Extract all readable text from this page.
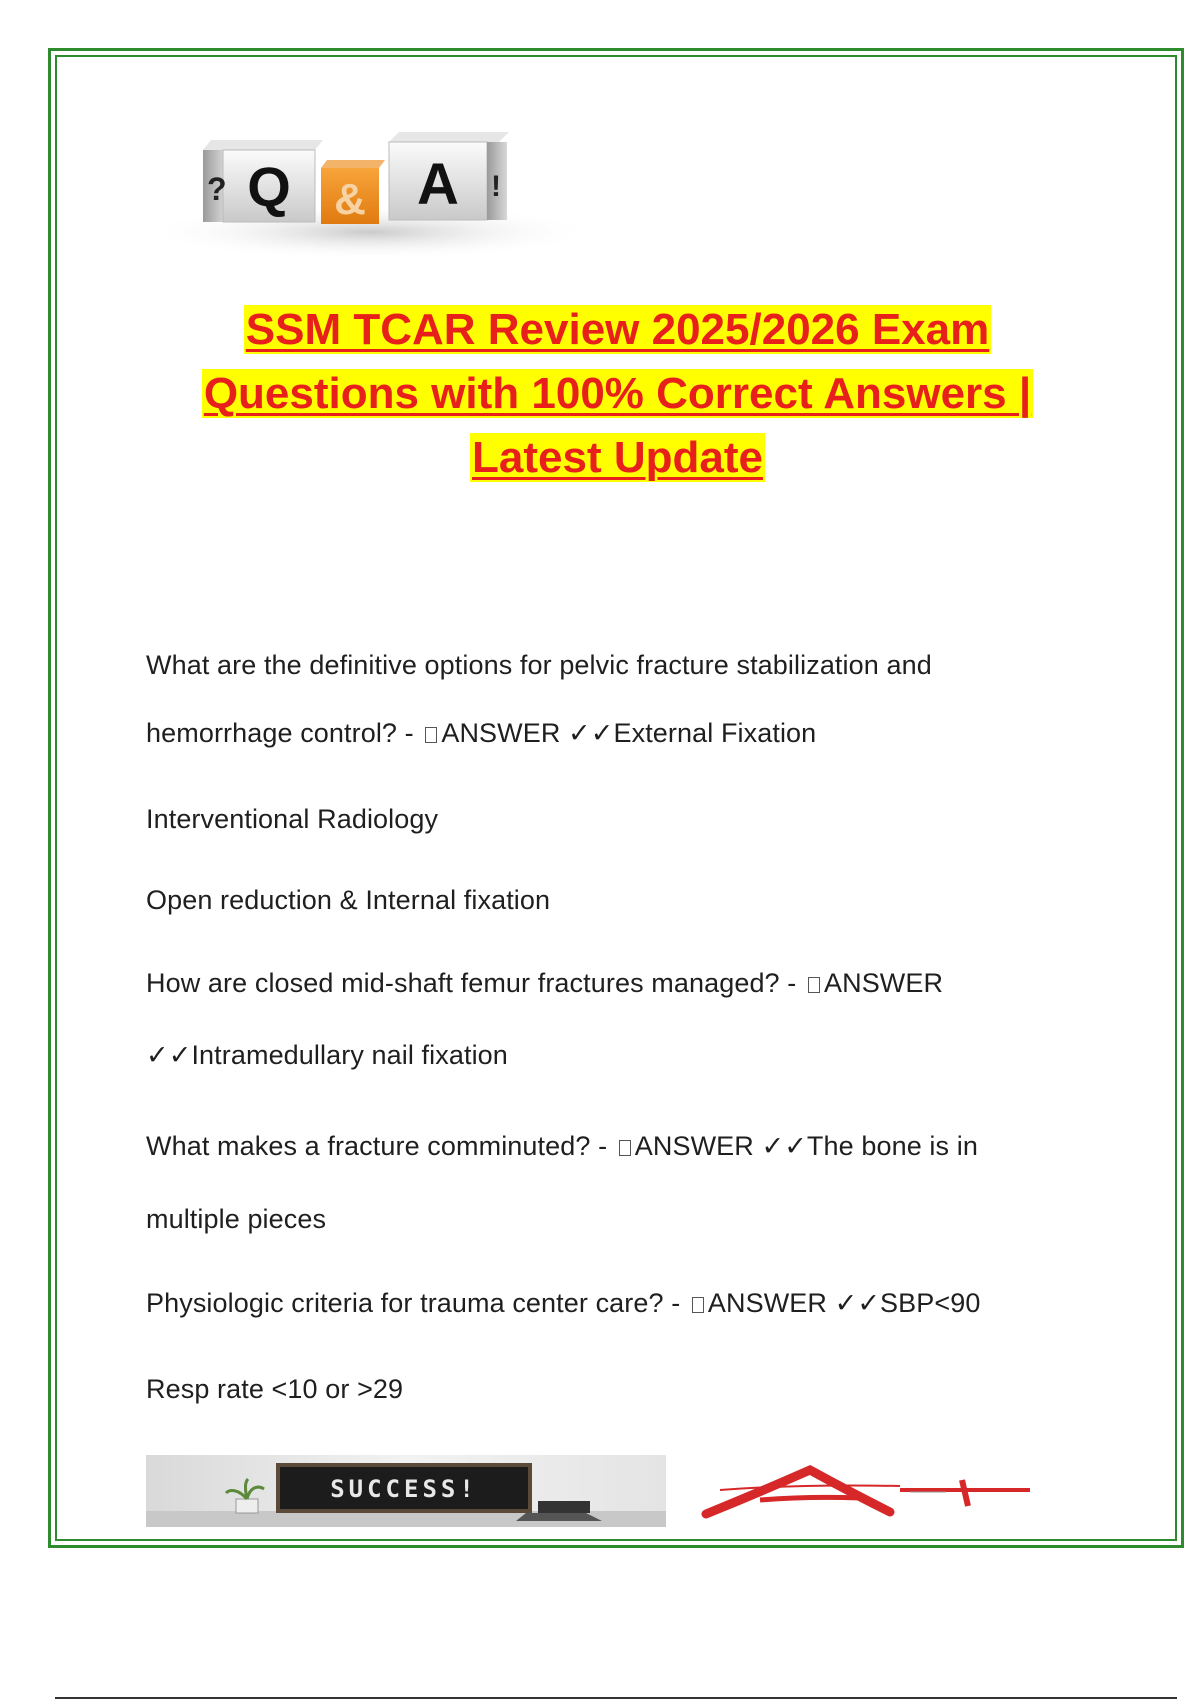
? Q & A !
SSM TCAR Review 2025/2026 Exam
Questions with 100% Correct Answers |
Latest Update
What are the definitive options for pelvic fracture stabilization and
hemorrhage control? - ANSWER ✓✓External Fixation
Interventional Radiology
Open reduction & Internal fixation
How are closed mid-shaft femur fractures managed? - ANSWER
✓✓Intramedullary nail fixation
What makes a fracture comminuted? - ANSWER ✓✓The bone is in
multiple pieces
Physiologic criteria for trauma center care? - ANSWER ✓✓SBP<90
Resp rate <10 or >29
SUCCESS!
